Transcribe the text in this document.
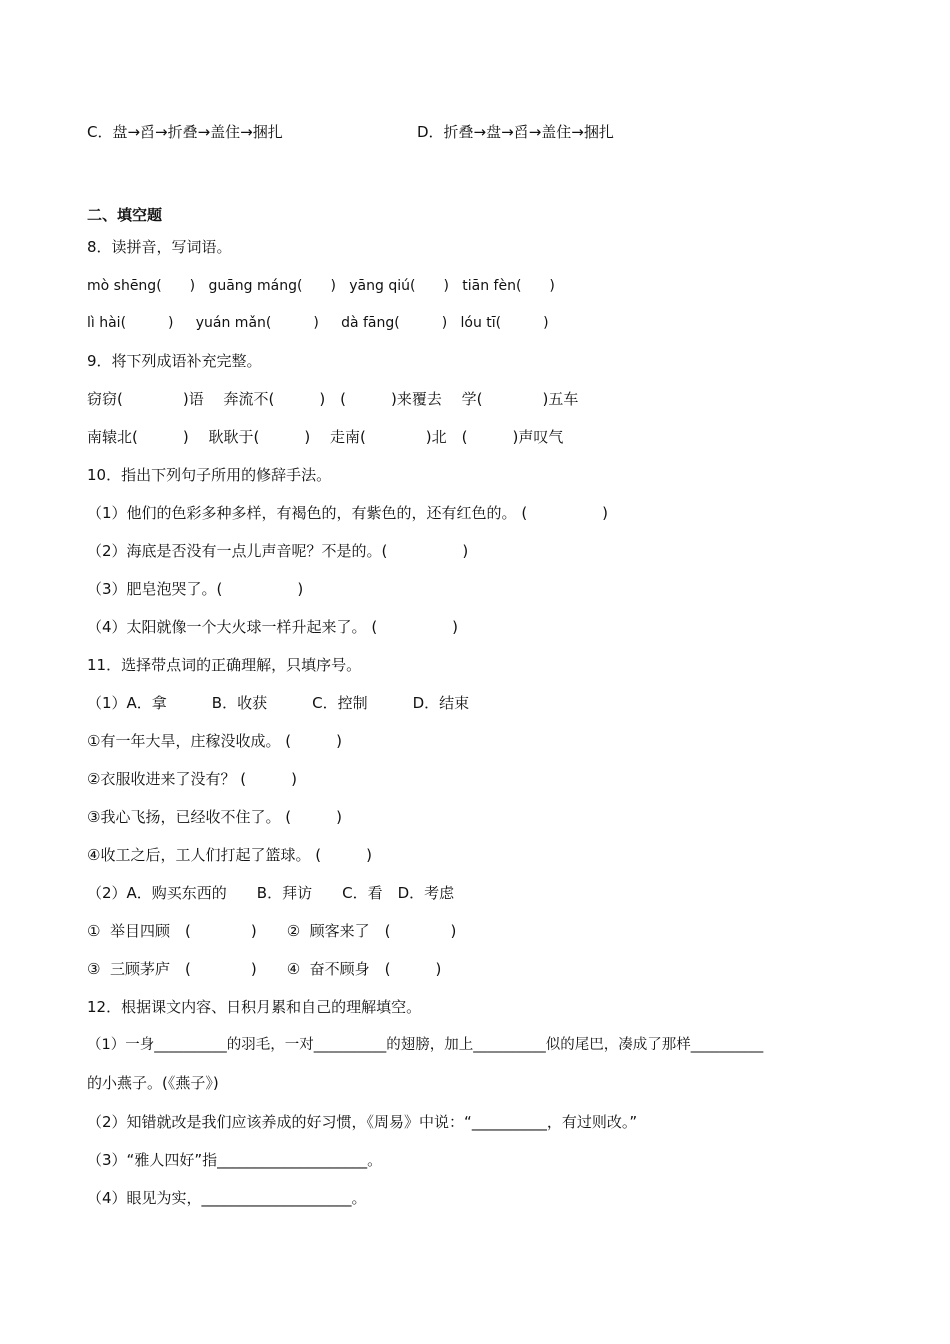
C．盘→舀→折叠→盖住→捆扎	D．折叠→盘→舀→盖住→捆扎
二、填空题
8．读拼音，写词语。
mò shēng(　　)   guāng máng(　　)   yāng qiú(　　)   tiān fèn(　　)
lì hài(　　　)     yuán mǎn(　　　)     dà fāng(　　　)   lóu tī(　　　)
9．将下列成语补充完整。
窃窃(　　　　)语　 奔流不(　　　)　(　　　)来覆去　 学(　　　　)五车
南辕北(　　　)　 耿耿于(　　　)　 走南(　　　　)北　(　　　)声叹气
10．指出下列句子所用的修辞手法。
（1）他们的色彩多种多样，有褐色的，有紫色的，还有红色的。 (　　　　　)
（2）海底是否没有一点儿声音呢？不是的。(　　　　　)
（3）肥皂泡哭了。(　　　　　)
（4）太阳就像一个大火球一样升起来了。 (　　　　　)
11．选择带点词的正确理解，只填序号。
（1）A．拿　　　B．收获　　　C．控制　　　D．结束
①有一年大旱，庄稼没收成。 (　　　)
②衣服收进来了没有？ (　　　)
③我心飞扬，已经收不住了。 (　　　)
④收工之后，工人们打起了篮球。 (　　　)
（2）A．购买东西的　　B．拜访　　C．看　D．考虑
①  举目四顾　(　　　　)　　②  顾客来了　(　　　　)
③  三顾茅庐　(　　　　)　　④  奋不顾身　(　　　)
12．根据课文内容、日积月累和自己的理解填空。
（1）一身__________的羽毛，一对__________的翅膀，加上__________似的尾巴，凑成了那样__________
的小燕子。(《燕子》)
（2）知错就改是我们应该养成的好习惯，《周易》中说：“__________，有过则改。”
（3）“雅人四好”指____________________。
（4）眼见为实，____________________。
